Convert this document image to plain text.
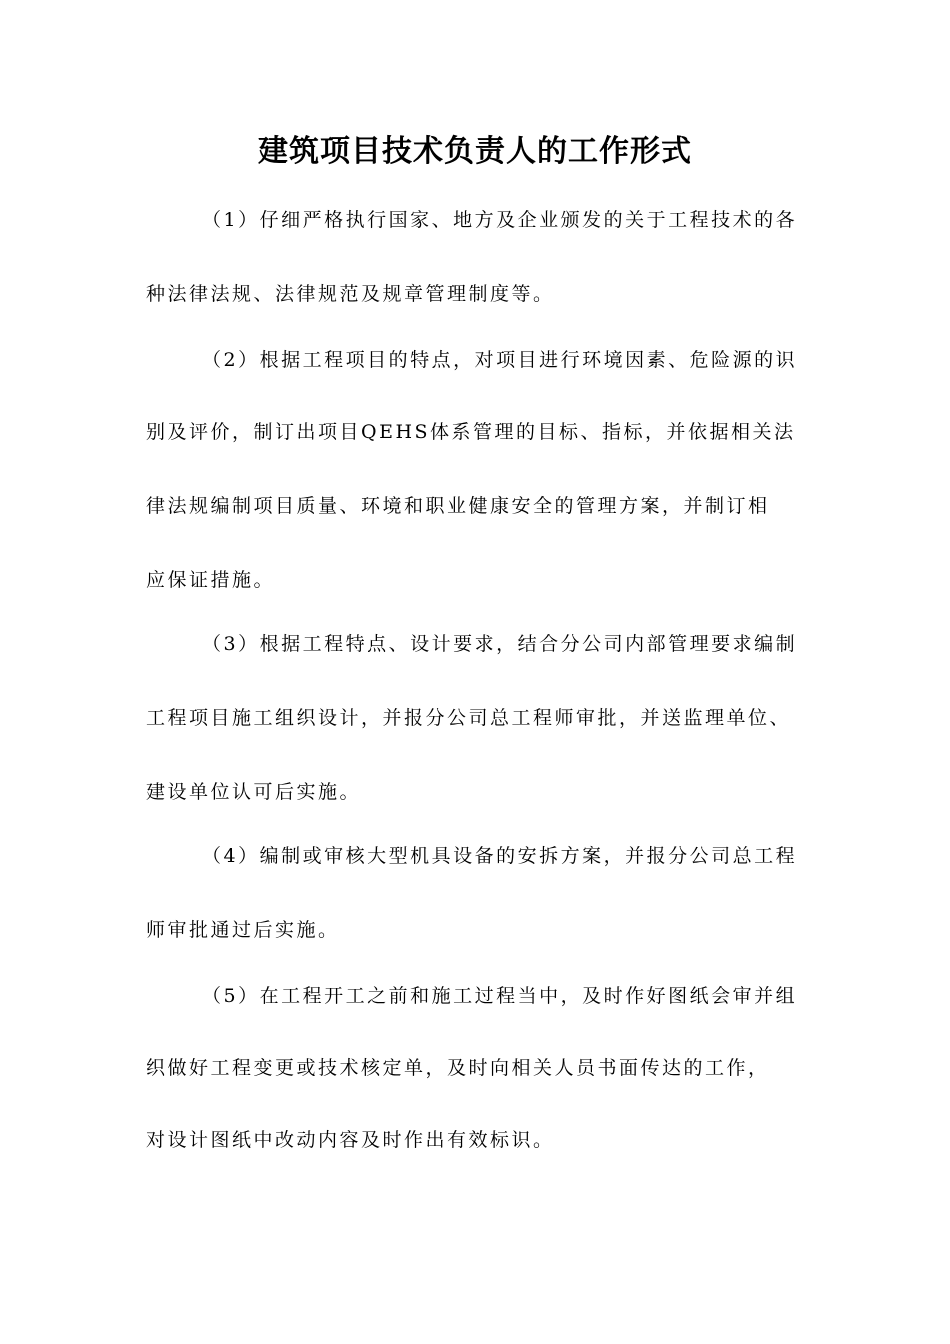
建筑项目技术负责人的工作形式
（1）仔细严格执行国家、地方及企业颁发的关于工程技术的各
种法律法规、法律规范及规章管理制度等。
（2）根据工程项目的特点，对项目进行环境因素、危险源的识
别及评价，制订出项目QEHS体系管理的目标、指标，并依据相关法
律法规编制项目质量、环境和职业健康安全的管理方案，并制订相
应保证措施。
（3）根据工程特点、设计要求，结合分公司内部管理要求编制
工程项目施工组织设计，并报分公司总工程师审批，并送监理单位、
建设单位认可后实施。
（4）编制或审核大型机具设备的安拆方案，并报分公司总工程
师审批通过后实施。
（5）在工程开工之前和施工过程当中，及时作好图纸会审并组
织做好工程变更或技术核定单，及时向相关人员书面传达的工作，
对设计图纸中改动内容及时作出有效标识。
